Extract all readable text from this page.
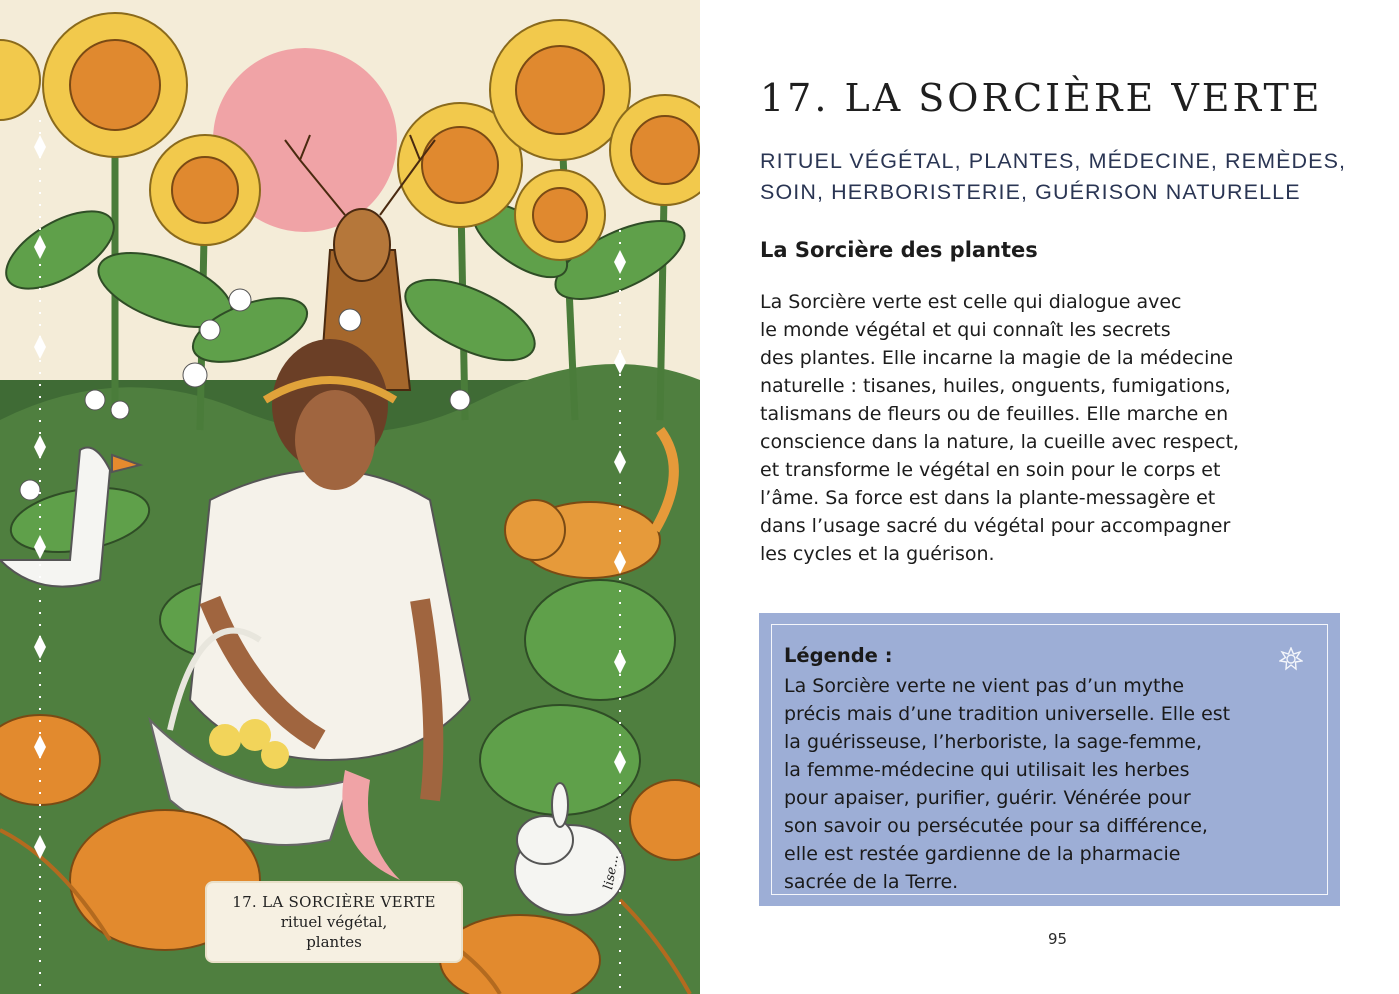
lise...
17. LA SORCIÈRE VERTE
rituel végétal,
plantes
17. LA SORCIÈRE VERTE

RITUEL VÉGÉTAL, PLANTES, MÉDECINE, REMÈDES,
SOIN, HERBORISTERIE, GUÉRISON NATURELLE

La Sorcière des plantes

La Sorcière verte est celle qui dialogue avec
le monde végétal et qui connaît les secrets
des plantes. Elle incarne la magie de la médecine
naturelle : tisanes, huiles, onguents, fumigations,
talismans de fleurs ou de feuilles. Elle marche en
conscience dans la nature, la cueille avec respect,
et transforme le végétal en soin pour le corps et
l’âme. Sa force est dans la plante-messagère et
dans l’usage sacré du végétal pour accompagner
les cycles et la guérison.

Légende :

La Sorcière verte ne vient pas d’un mythe
précis mais d’une tradition universelle. Elle est
la guérisseuse, l’herboriste, la sage-femme,
la femme-médecine qui utilisait les herbes
pour apaiser, purifier, guérir. Vénérée pour
son savoir ou persécutée pour sa différence,
elle est restée gardienne de la pharmacie
sacrée de la Terre.

95
